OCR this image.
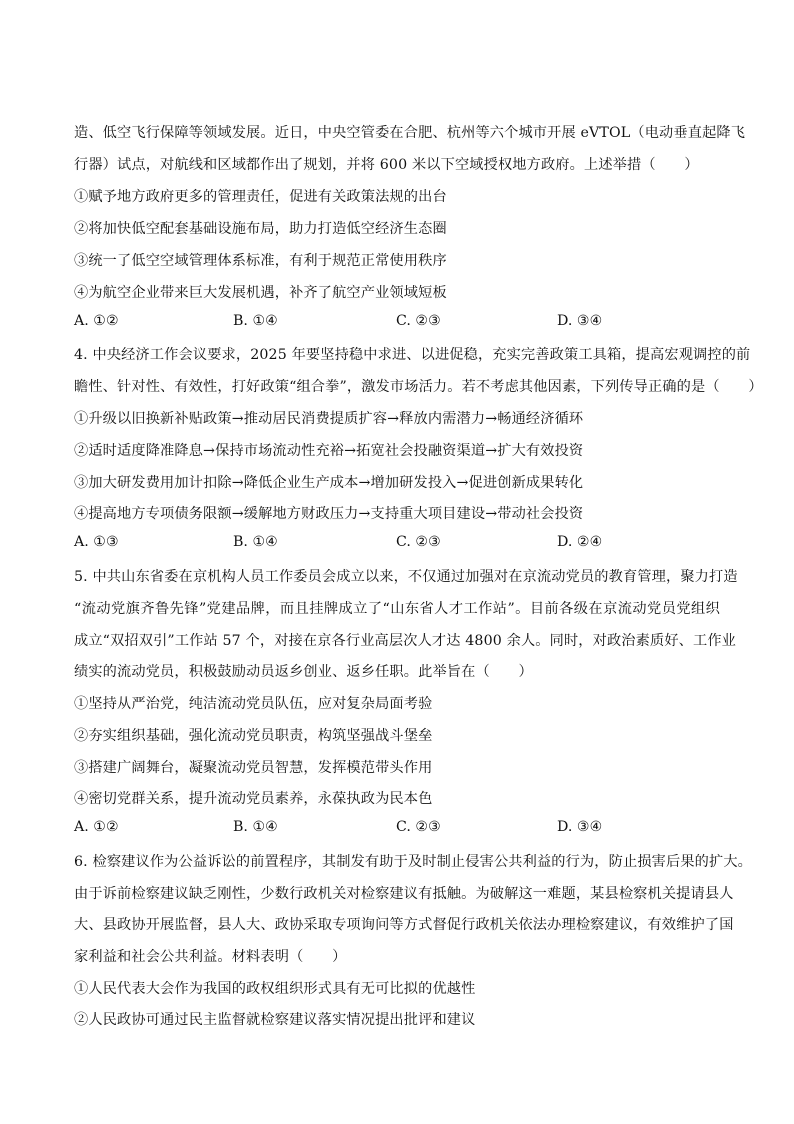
造、低空飞行保障等领域发展。近日，中央空管委在合肥、杭州等六个城市开展 eVTOL（电动垂直起降飞
行器）试点，对航线和区域都作出了规划，并将 600 米以下空域授权地方政府。上述举措（　　）
①赋予地方政府更多的管理责任，促进有关政策法规的出台
②将加快低空配套基础设施布局，助力打造低空经济生态圈
③统一了低空空域管理体系标准，有利于规范正常使用秩序
④为航空企业带来巨大发展机遇，补齐了航空产业领域短板
A. ①②	B. ①④	C. ②③	D. ③④
4. 中央经济工作会议要求，2025 年要坚持稳中求进、以进促稳，充实完善政策工具箱，提高宏观调控的前
瞻性、针对性、有效性，打好政策“组合拳”，激发市场活力。若不考虑其他因素，下列传导正确的是（　　）
①升级以旧换新补贴政策→推动居民消费提质扩容→释放内需潜力→畅通经济循环
②适时适度降准降息→保持市场流动性充裕→拓宽社会投融资渠道→扩大有效投资
③加大研发费用加计扣除→降低企业生产成本→增加研发投入→促进创新成果转化
④提高地方专项债务限额→缓解地方财政压力→支持重大项目建设→带动社会投资
A. ①③	B. ①④	C. ②③	D. ②④
5. 中共山东省委在京机构人员工作委员会成立以来，不仅通过加强对在京流动党员的教育管理，聚力打造
“流动党旗齐鲁先锋”党建品牌，而且挂牌成立了“山东省人才工作站”。目前各级在京流动党员党组织
成立“双招双引”工作站 57 个，对接在京各行业高层次人才达 4800 余人。同时，对政治素质好、工作业
绩实的流动党员，积极鼓励动员返乡创业、返乡任职。此举旨在（　　）
①坚持从严治党，纯洁流动党员队伍，应对复杂局面考验
②夯实组织基础，强化流动党员职责，构筑坚强战斗堡垒
③搭建广阔舞台，凝聚流动党员智慧，发挥模范带头作用
④密切党群关系，提升流动党员素养，永葆执政为民本色
A. ①②	B. ①④	C. ②③	D. ③④
6. 检察建议作为公益诉讼的前置程序，其制发有助于及时制止侵害公共利益的行为，防止损害后果的扩大。
由于诉前检察建议缺乏刚性，少数行政机关对检察建议有抵触。为破解这一难题，某县检察机关提请县人
大、县政协开展监督，县人大、政协采取专项询问等方式督促行政机关依法办理检察建议，有效维护了国
家利益和社会公共利益。材料表明（　　）
①人民代表大会作为我国的政权组织形式具有无可比拟的优越性
②人民政协可通过民主监督就检察建议落实情况提出批评和建议
